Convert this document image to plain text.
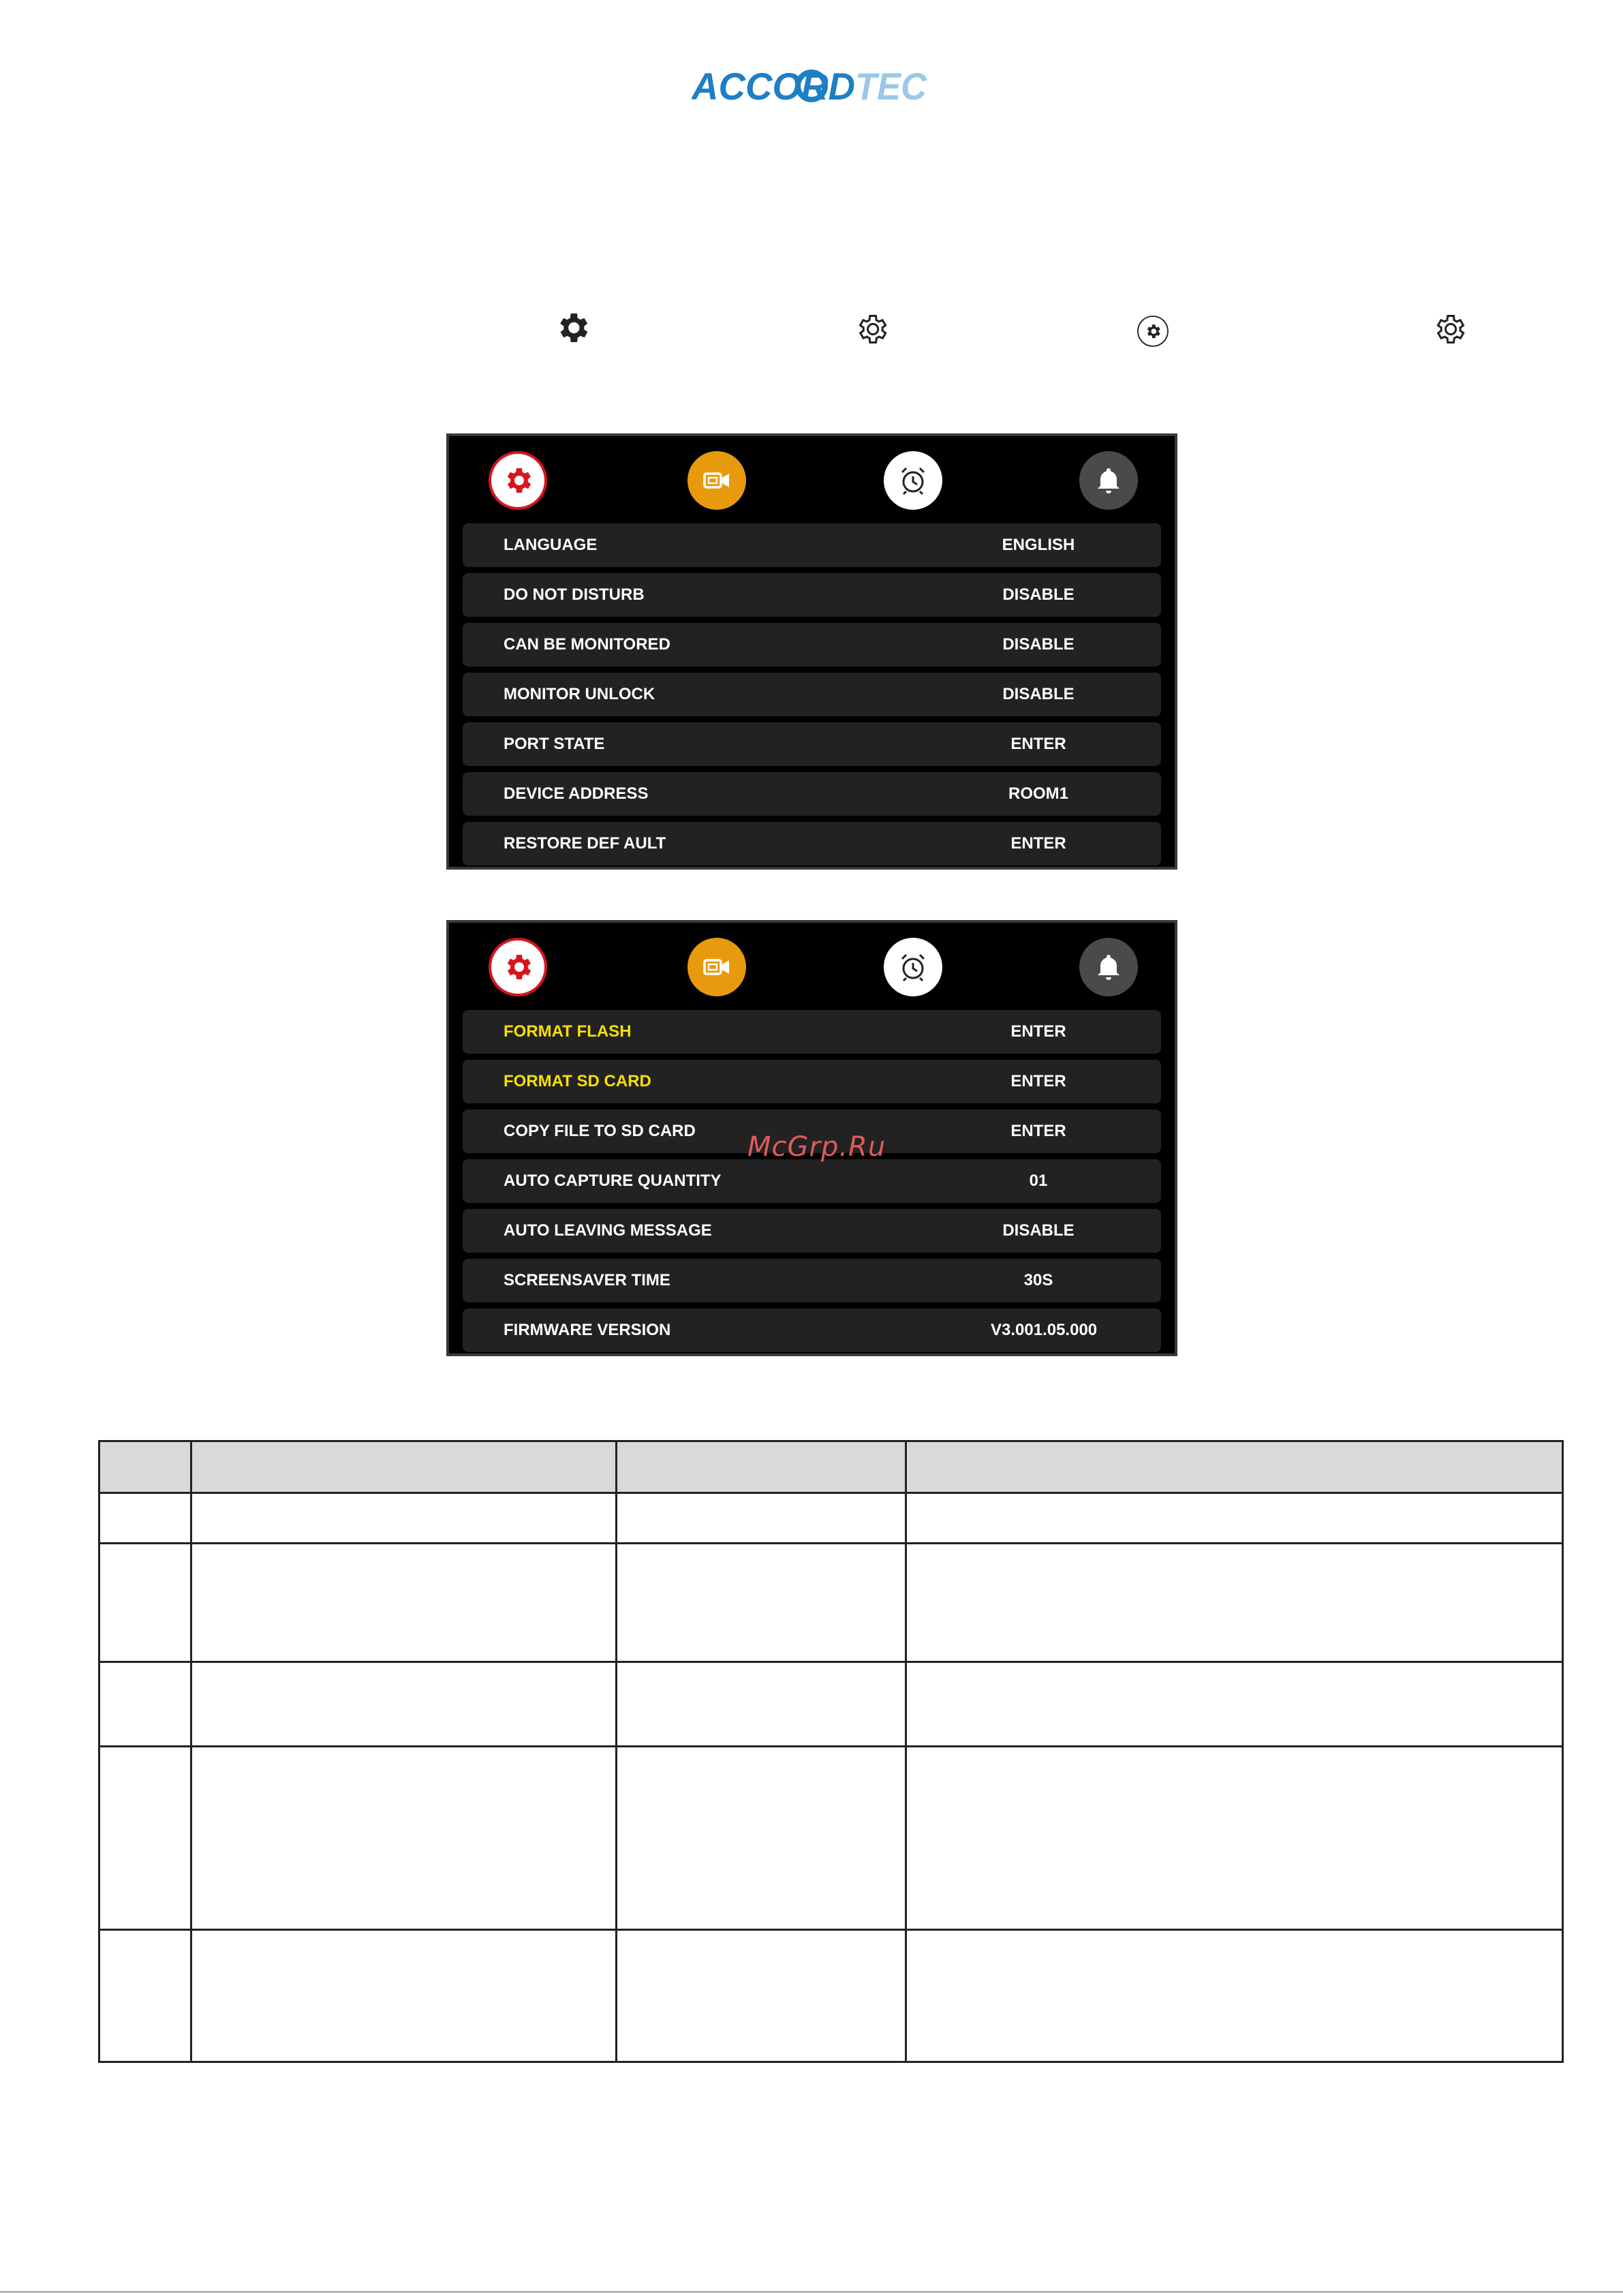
ACCORD TEC
LANGUAGE	ENGLISH
DO NOT DISTURB	DISABLE
CAN BE MONITORED	DISABLE
MONITOR UNLOCK	DISABLE
PORT STATE	ENTER
DEVICE ADDRESS	ROOM1
RESTORE DEF AULT	ENTER
FORMAT FLASH	ENTER
FORMAT SD CARD	ENTER
COPY FILE TO SD CARD	ENTER
AUTO CAPTURE QUANTITY	01
AUTO LEAVING MESSAGE	DISABLE
SCREENSAVER TIME	30S
FIRMWARE VERSION	V3.001.05.000
McGrp.Ru
